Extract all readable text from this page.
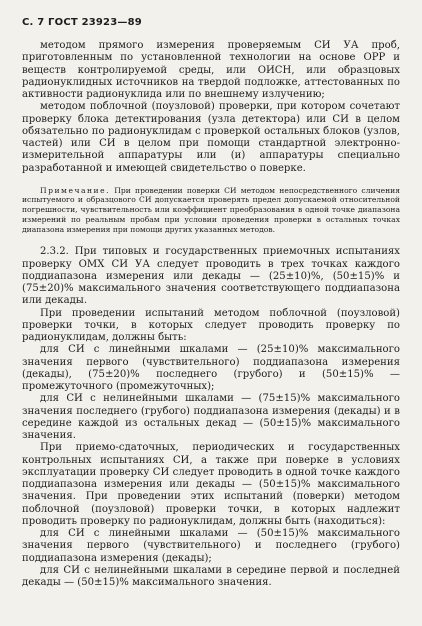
С. 7 ГОСТ 23923—89

методом прямого измерения проверяемым СИ УА проб, приготовленным по установленной технологии на основе ОРР и веществ контролируемой среды, или ОИСН, или образцовых радионуклидных источников на твердой подложке, аттестованных по активности радионуклида или по внешнему излучению;

методом поблочной (поузловой) проверки, при котором сочетают проверку блока детектирования (узла детектора) или СИ в целом обязательно по радионуклидам с проверкой остальных блоков (узлов, частей) или СИ в целом при помощи стандартной электронно-измерительной аппаратуры или (и) аппаратуры специально разработанной и имеющей свидетельство о поверке.

Примечание. При проведении поверки СИ методом непосредственного сличения испытуемого и образцового СИ допускается проверять предел допускаемой относительной погрешности, чувствительность или коэффициент преобразования в одной точке диапазона измерений по реальным пробам при условии проведения проверки в остальных точках диапазона измерения при помощи других указанных методов.

2.3.2. При типовых и государственных приемочных испытаниях проверку ОМХ СИ УА следует проводить в трех точках каждого поддиапазона измерения или декады — (25±10)%, (50±15)% и (75±20)% максимального значения соответствующего поддиапазона или декады.

При проведении испытаний методом поблочной (поузловой) проверки точки, в которых следует проводить проверку по радионуклидам, должны быть:

для СИ с линейными шкалами — (25±10)% максимального значения первого (чувствительного) поддиапазона измерения (декады), (75±20)% последнего (грубого) и (50±15)% — промежуточного (промежуточных);

для СИ с нелинейными шкалами — (75±15)% максимального значения последнего (грубого) поддиапазона измерения (декады) и в середине каждой из остальных декад — (50±15)% максимального значения.

При приемо-сдаточных, периодических и государственных контрольных испытаниях СИ, а также при поверке в условиях эксплуатации проверку СИ следует проводить в одной точке каждого поддиапазона измерения или декады — (50±15)% максимального значения. При проведении этих испытаний (поверки) методом поблочной (поузловой) проверки точки, в которых надлежит проводить проверку по радионуклидам, должны быть (находиться):

для СИ с линейными шкалами — (50±15)% максимального значения первого (чувствительного) и последнего (грубого) поддиапазона измерения (декады);

для СИ с нелинейными шкалами в середине первой и последней декады — (50±15)% максимального значения.
